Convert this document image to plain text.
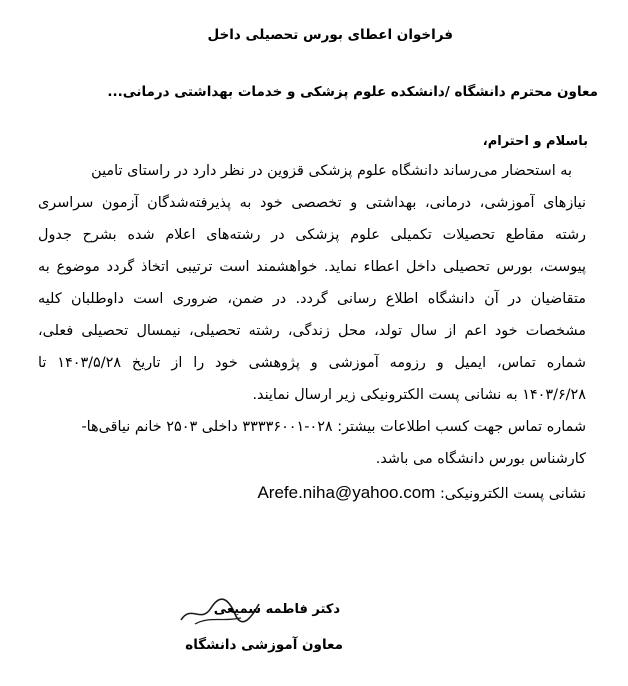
فراخوان اعطای بورس تحصیلی داخل
معاون محترم دانشگاه /دانشکده علوم پزشکی و خدمات بهداشتی درمانی...
باسلام و احترام،
به استحضار می‌رساند دانشگاه علوم پزشکی قزوین در نظر دارد در راستای تامین
نیازهای آموزشی، درمانی، بهداشتی و تخصصی خود به پذیرفته‌شدگان آزمون سراسری
رشته مقاطع تحصیلات تکمیلی علوم پزشکی در رشته‌های اعلام شده بشرح جدول
پیوست، بورس تحصیلی داخل اعطاء نماید. خواهشمند است ترتیبی اتخاذ گردد موضوع به
متقاضیان در آن دانشگاه اطلاع رسانی گردد. در ضمن، ضروری است داوطلبان کلیه
مشخصات خود اعم از سال تولد، محل زندگی، رشته تحصیلی، نیمسال تحصیلی فعلی،
شماره تماس، ایمیل و رزومه آموزشی و پژوهشی خود را از تاریخ ۱۴۰۳/۵/۲۸ تا
۱۴۰۳/۶/۲۸ به نشانی پست الکترونیکی زیر ارسال نمایند.
شماره تماس جهت کسب اطلاعات بیشتر: ۰۲۸-۳۳۳۳۶۰۰۱ داخلی ۲۵۰۳ خانم نیاقی‌ها-
کارشناس بورس دانشگاه می باشد.
نشانی پست الکترونیکی: Arefe.niha@yahoo.com
دکتر فاطمه سمیعی
معاون آموزشی دانشگاه
